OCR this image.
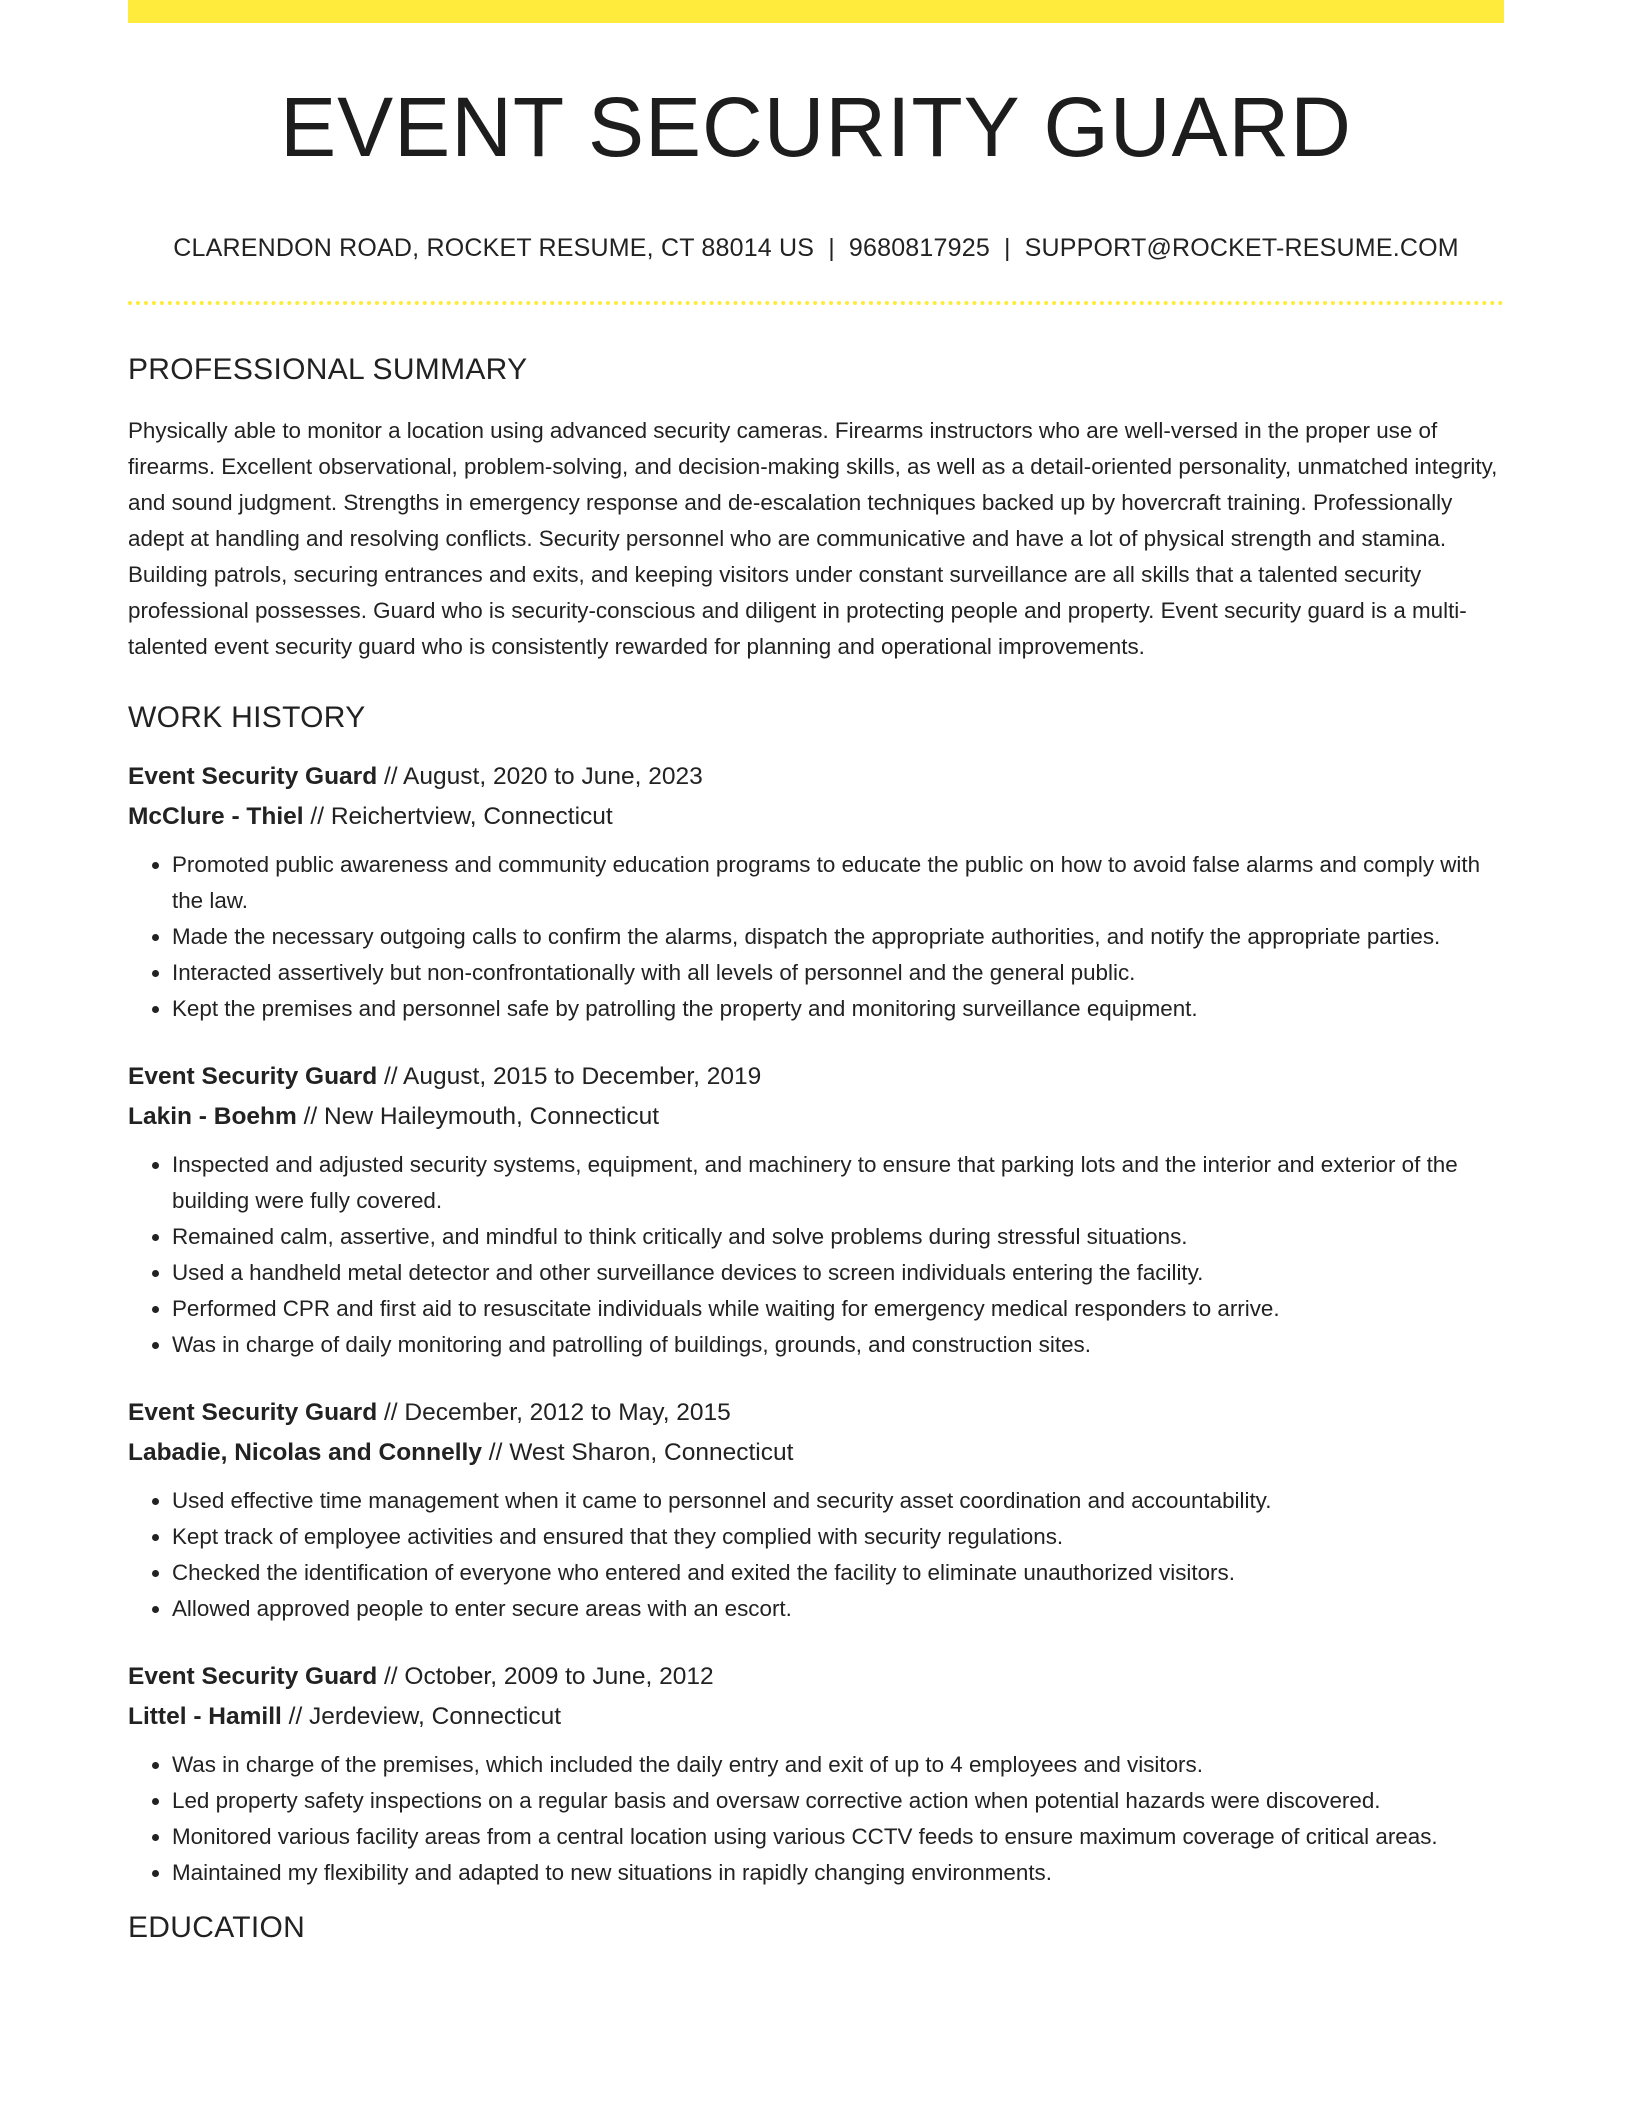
EVENT SECURITY GUARD
CLARENDON ROAD, ROCKET RESUME, CT 88014 US | 9680817925 | SUPPORT@ROCKET-RESUME.COM
PROFESSIONAL SUMMARY

Physically able to monitor a location using advanced security cameras. Firearms instructors who are well-versed in the proper use of firearms. Excellent observational, problem-solving, and decision-making skills, as well as a detail-oriented personality, unmatched integrity, and sound judgment. Strengths in emergency response and de-escalation techniques backed up by hovercraft training. Professionally adept at handling and resolving conflicts. Security personnel who are communicative and have a lot of physical strength and stamina. Building patrols, securing entrances and exits, and keeping visitors under constant surveillance are all skills that a talented security professional possesses. Guard who is security-conscious and diligent in protecting people and property. Event security guard is a multi-talented event security guard who is consistently rewarded for planning and operational improvements.

WORK HISTORY
Event Security Guard // August, 2020 to June, 2023
McClure - Thiel // Reichertview, Connecticut
• Promoted public awareness and community education programs to educate the public on how to avoid false alarms and comply with the law.
• Made the necessary outgoing calls to confirm the alarms, dispatch the appropriate authorities, and notify the appropriate parties.
• Interacted assertively but non-confrontationally with all levels of personnel and the general public.
• Kept the premises and personnel safe by patrolling the property and monitoring surveillance equipment.
Event Security Guard // August, 2015 to December, 2019
Lakin - Boehm // New Haileymouth, Connecticut
• Inspected and adjusted security systems, equipment, and machinery to ensure that parking lots and the interior and exterior of the building were fully covered.
• Remained calm, assertive, and mindful to think critically and solve problems during stressful situations.
• Used a handheld metal detector and other surveillance devices to screen individuals entering the facility.
• Performed CPR and first aid to resuscitate individuals while waiting for emergency medical responders to arrive.
• Was in charge of daily monitoring and patrolling of buildings, grounds, and construction sites.
Event Security Guard // December, 2012 to May, 2015
Labadie, Nicolas and Connelly // West Sharon, Connecticut
• Used effective time management when it came to personnel and security asset coordination and accountability.
• Kept track of employee activities and ensured that they complied with security regulations.
• Checked the identification of everyone who entered and exited the facility to eliminate unauthorized visitors.
• Allowed approved people to enter secure areas with an escort.
Event Security Guard // October, 2009 to June, 2012
Littel - Hamill // Jerdeview, Connecticut
• Was in charge of the premises, which included the daily entry and exit of up to 4 employees and visitors.
• Led property safety inspections on a regular basis and oversaw corrective action when potential hazards were discovered.
• Monitored various facility areas from a central location using various CCTV feeds to ensure maximum coverage of critical areas.
• Maintained my flexibility and adapted to new situations in rapidly changing environments.
EDUCATION
